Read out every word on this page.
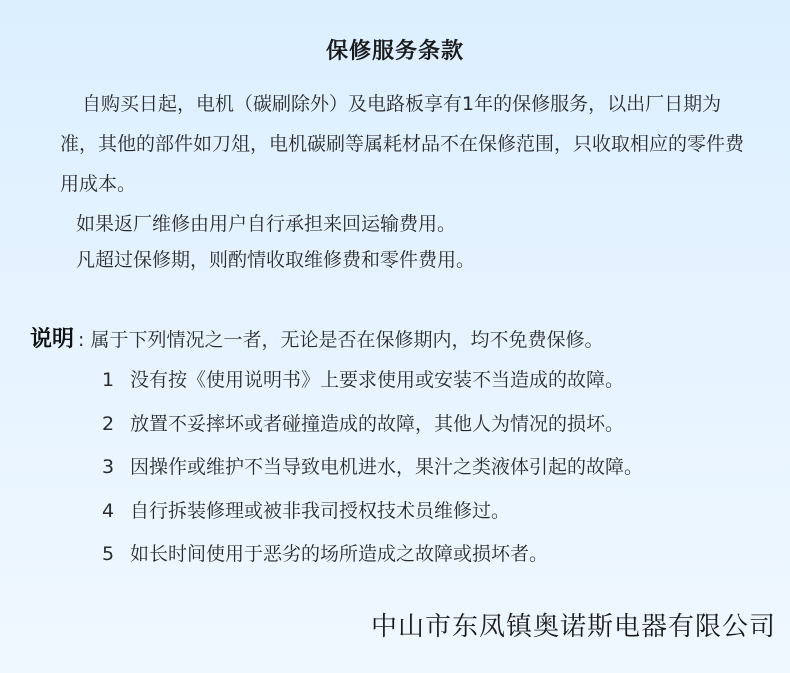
保修服务条款
自购买日起，电机（碳刷除外）及电路板享有1年的保修服务，以出厂日期为准，其他的部件如刀俎，电机碳刷等属耗材品不在保修范围，只收取相应的零件费用成本。
如果返厂维修由用户自行承担来回运输费用。
凡超过保修期，则酌情收取维修费和零件费用。
说明 : 属于下列情况之一者，无论是否在保修期内，均不免费保修。
1 没有按《使用说明书》上要求使用或安装不当造成的故障。
2 放置不妥摔坏或者碰撞造成的故障，其他人为情况的损坏。
3 因操作或维护不当导致电机进水，果汁之类液体引起的故障。
4 自行拆装修理或被非我司授权技术员维修过。
5 如长时间使用于恶劣的场所造成之故障或损坏者。
中山市东凤镇奥诺斯电器有限公司
